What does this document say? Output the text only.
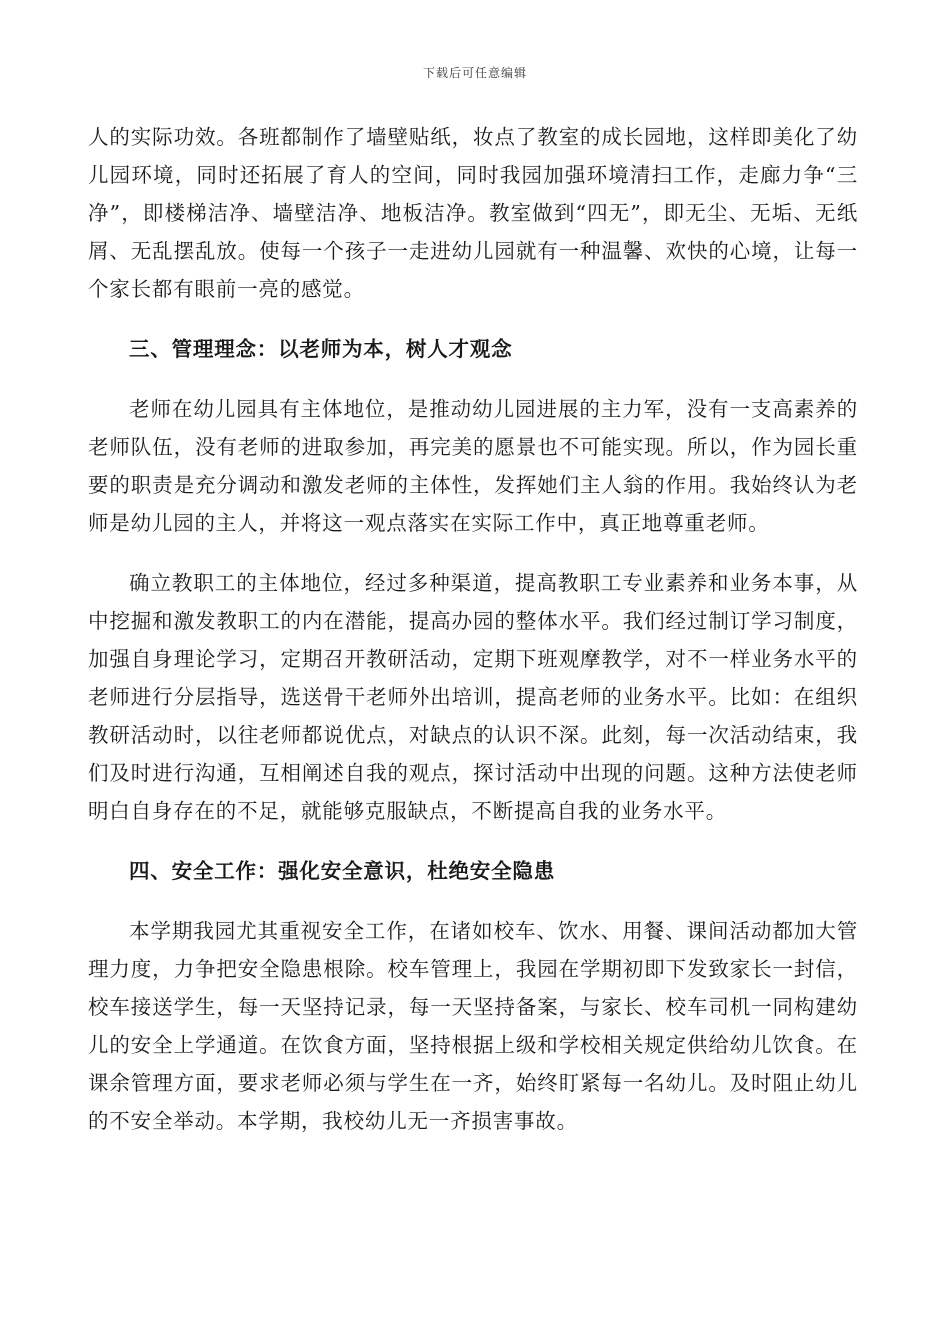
下载后可任意编辑

人的实际功效。各班都制作了墙壁贴纸，妆点了教室的成长园地，这样即美化了幼儿园环境，同时还拓展了育人的空间，同时我园加强环境清扫工作，走廊力争“三净”，即楼梯洁净、墙壁洁净、地板洁净。教室做到“四无”，即无尘、无垢、无纸屑、无乱摆乱放。使每一个孩子一走进幼儿园就有一种温馨、欢快的心境，让每一个家长都有眼前一亮的感觉。

三、管理理念：以老师为本，树人才观念

老师在幼儿园具有主体地位，是推动幼儿园进展的主力军，没有一支高素养的老师队伍，没有老师的进取参加，再完美的愿景也不可能实现。所以，作为园长重要的职责是充分调动和激发老师的主体性，发挥她们主人翁的作用。我始终认为老师是幼儿园的主人，并将这一观点落实在实际工作中，真正地尊重老师。

确立教职工的主体地位，经过多种渠道，提高教职工专业素养和业务本事，从中挖掘和激发教职工的内在潜能，提高办园的整体水平。我们经过制订学习制度，加强自身理论学习，定期召开教研活动，定期下班观摩教学，对不一样业务水平的老师进行分层指导，选送骨干老师外出培训，提高老师的业务水平。比如：在组织教研活动时，以往老师都说优点，对缺点的认识不深。此刻，每一次活动结束，我们及时进行沟通，互相阐述自我的观点，探讨活动中出现的问题。这种方法使老师明白自身存在的不足，就能够克服缺点，不断提高自我的业务水平。

四、安全工作：强化安全意识，杜绝安全隐患

本学期我园尤其重视安全工作，在诸如校车、饮水、用餐、课间活动都加大管理力度，力争把安全隐患根除。校车管理上，我园在学期初即下发致家长一封信，校车接送学生，每一天坚持记录，每一天坚持备案，与家长、校车司机一同构建幼儿的安全上学通道。在饮食方面，坚持根据上级和学校相关规定供给幼儿饮食。在课余管理方面，要求老师必须与学生在一齐，始终盯紧每一名幼儿。及时阻止幼儿的不安全举动。本学期，我校幼儿无一齐损害事故。
